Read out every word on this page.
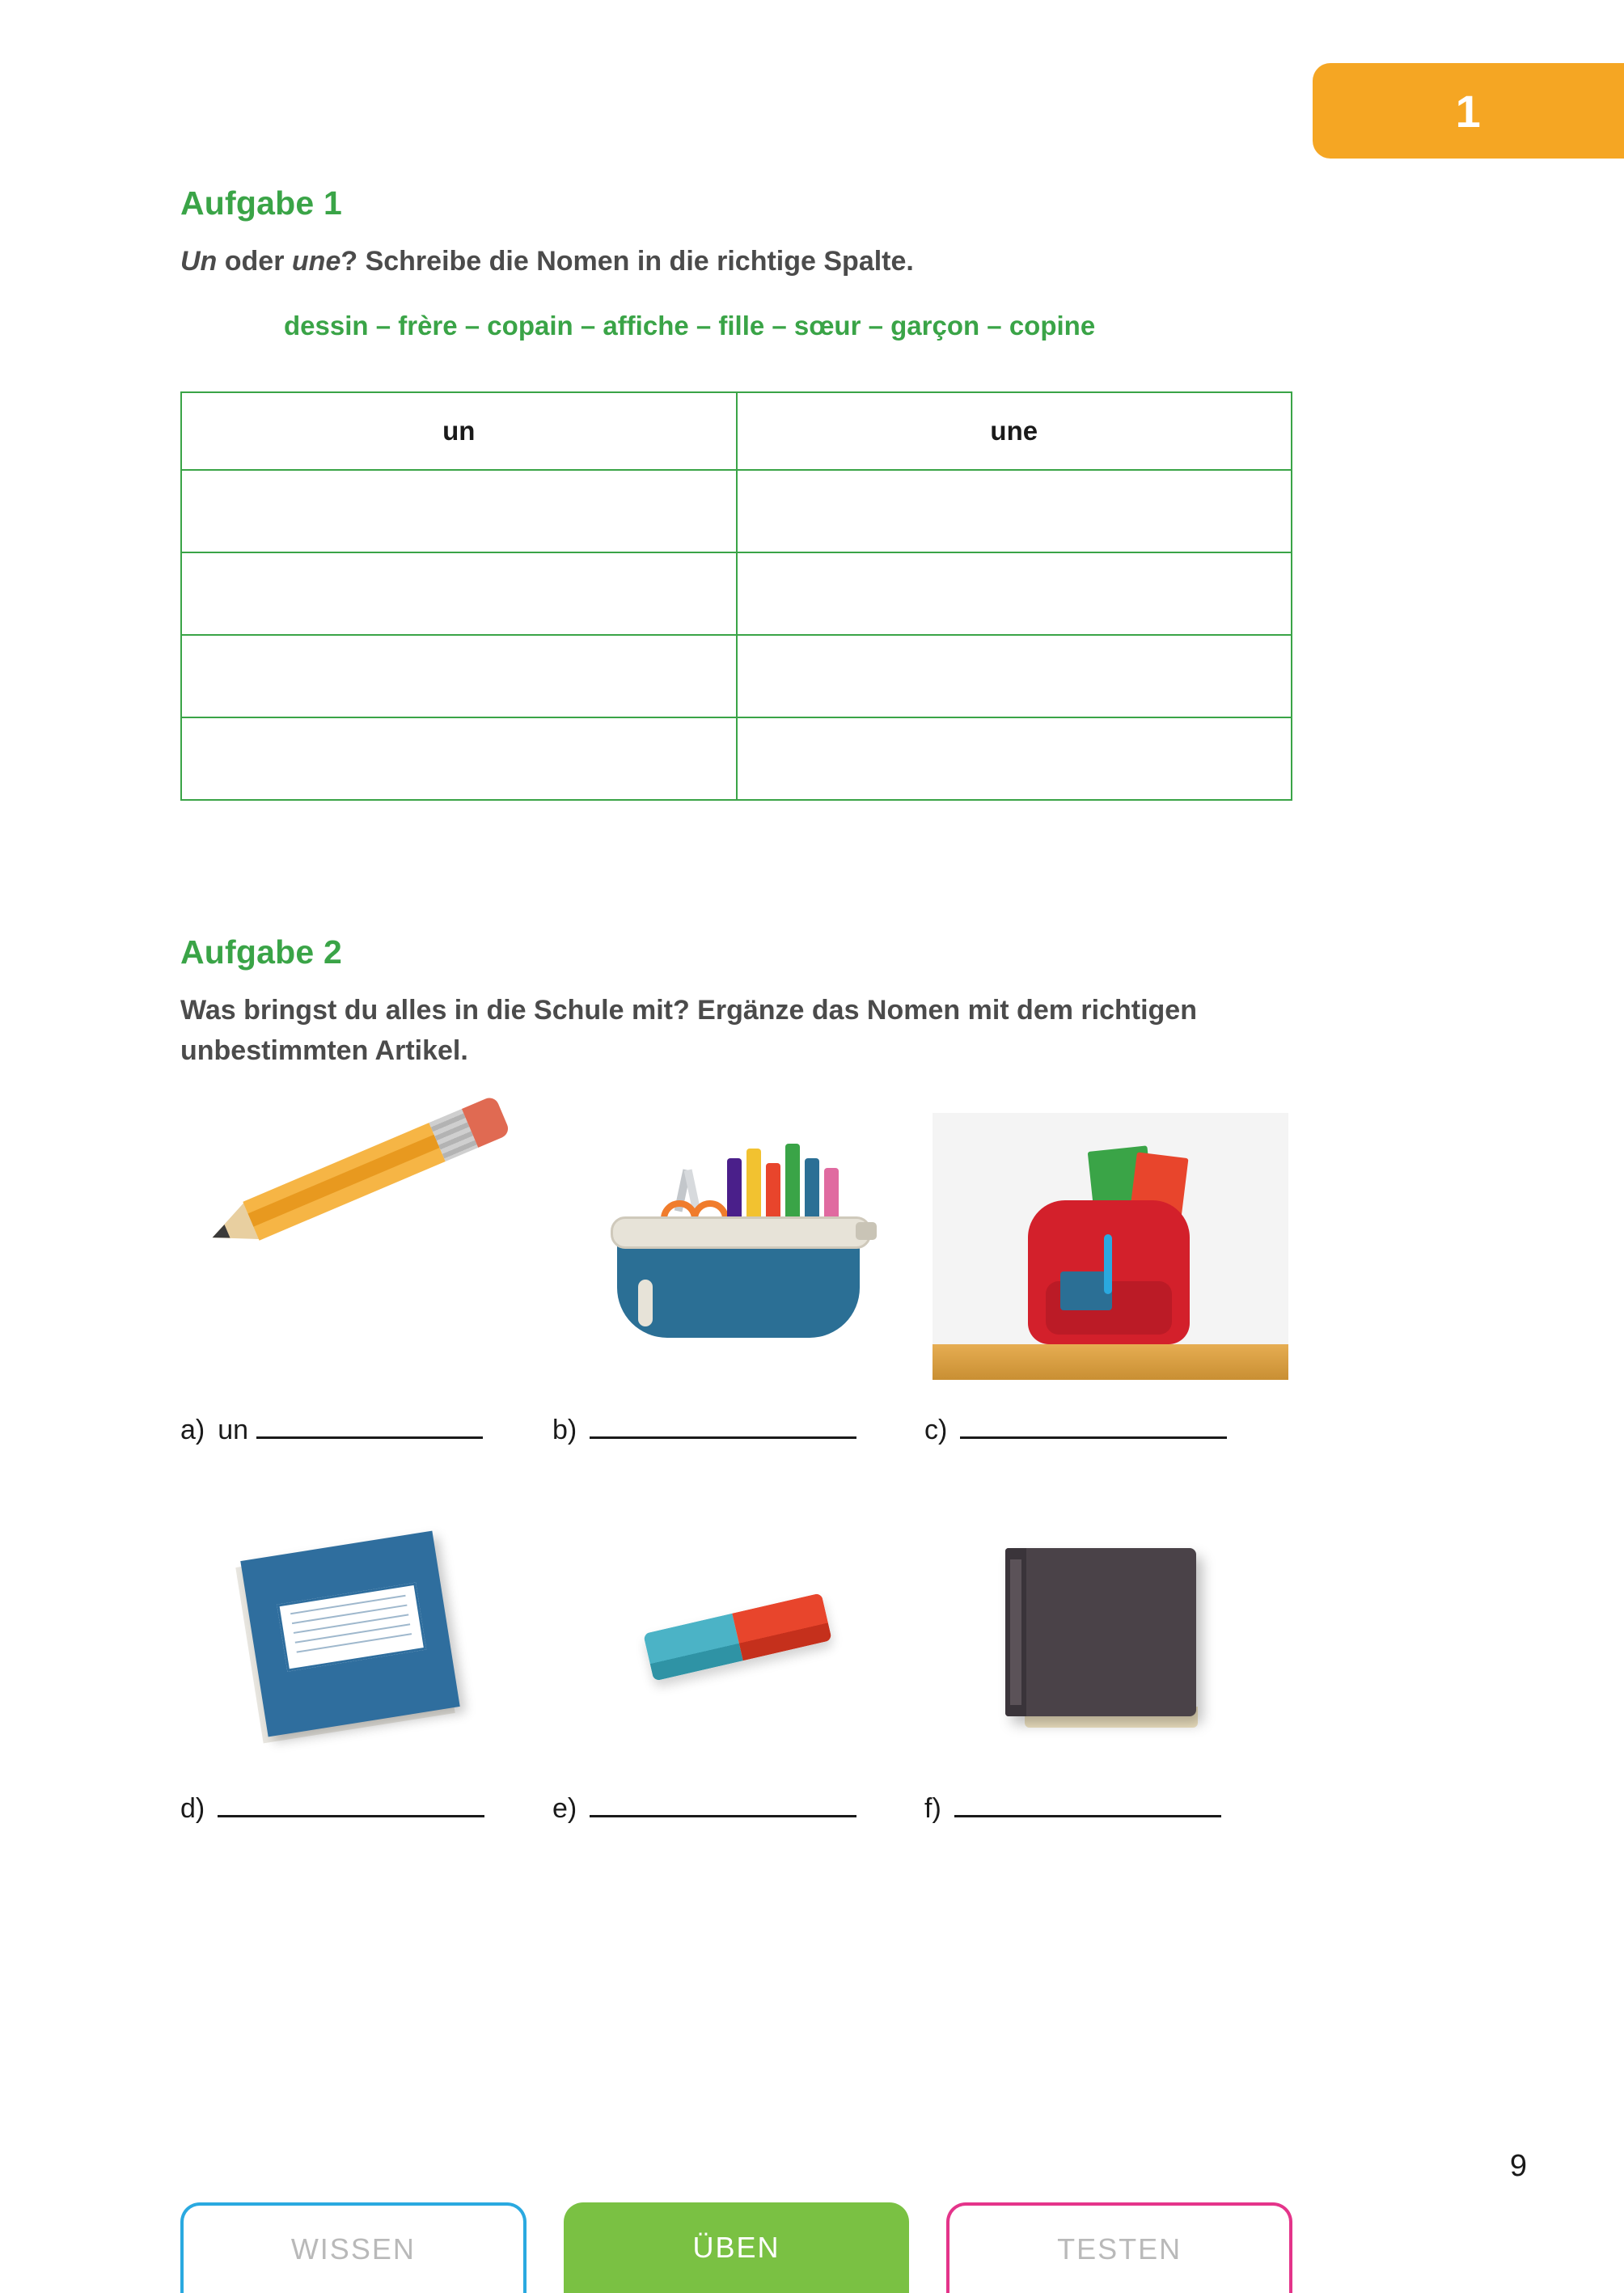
1
Aufgabe 1

Un oder une? Schreibe die Nomen in die richtige Spalte.

dessin – frère – copain – affiche – fille – sœur – garçon – copine

un	une

Aufgabe 2

Was bringst du alles in die Schule mit? Ergänze das Nomen mit dem richtigen unbestimmten Artikel.

a) un	b)	c)
d)	e)	f)
WISSEN	ÜBEN	TESTEN
9
